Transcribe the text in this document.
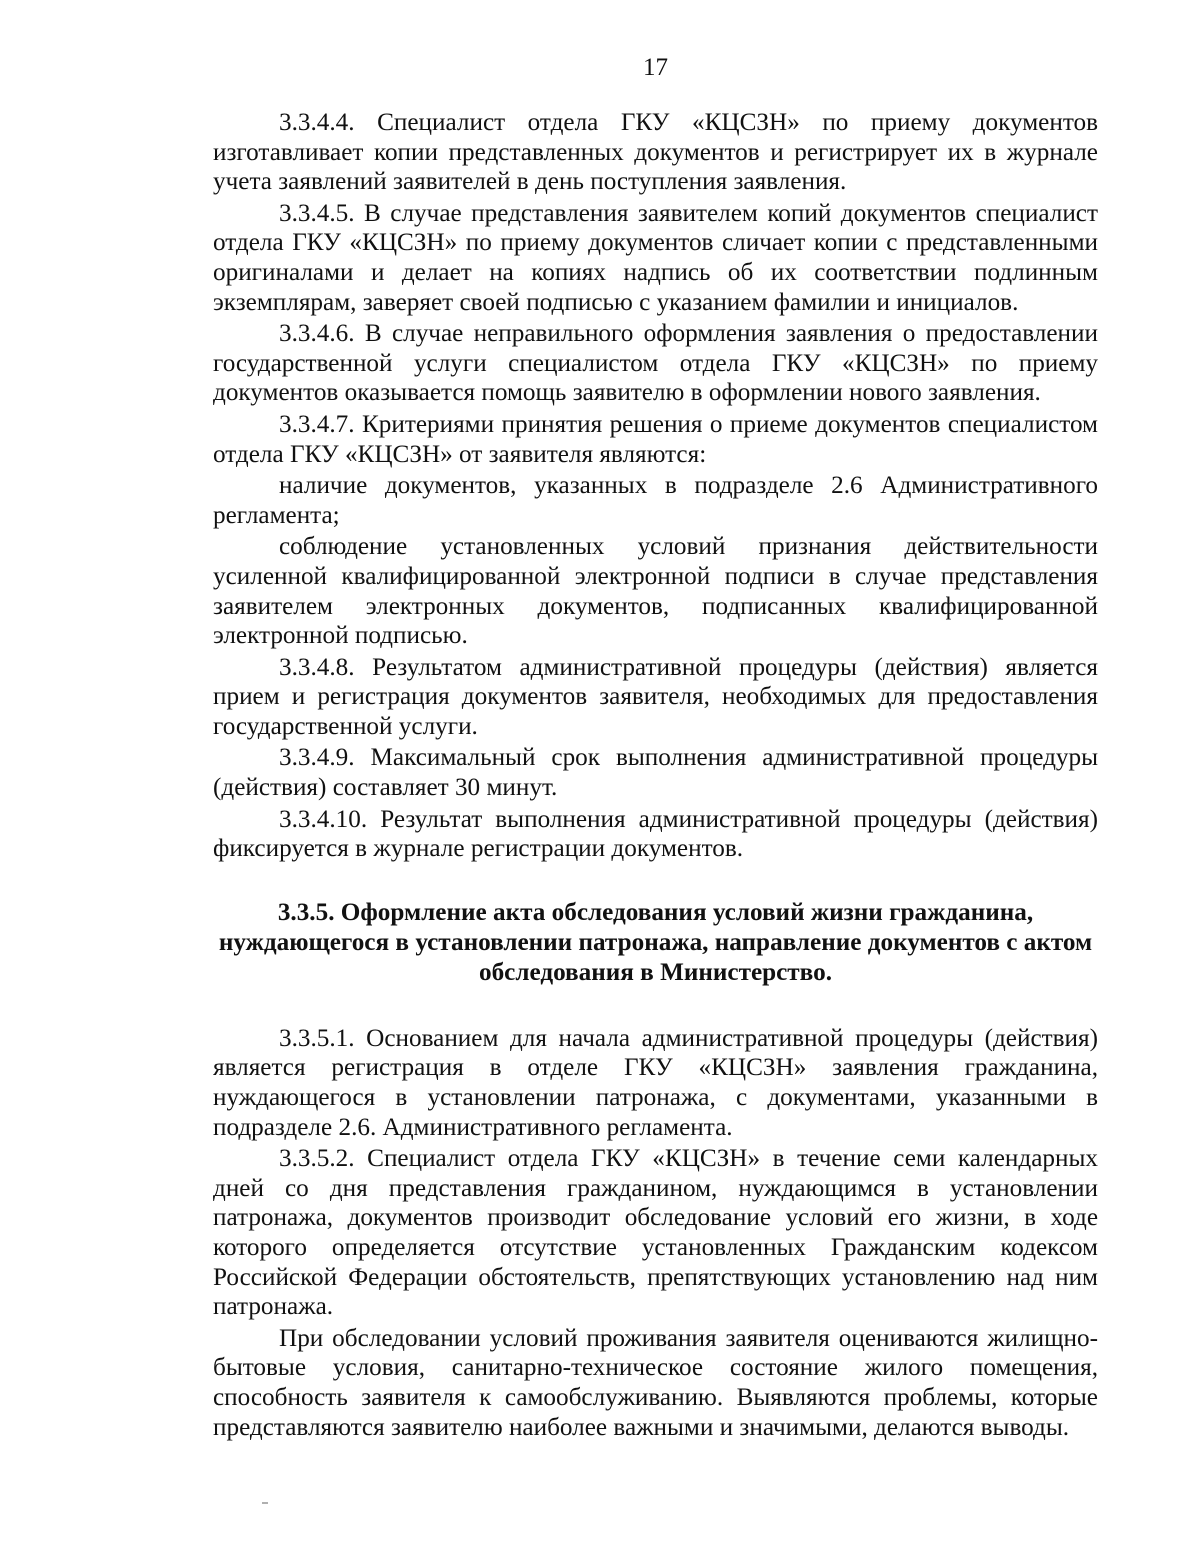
17

3.3.4.4. Специалист отдела ГКУ «КЦСЗН» по приему документов изготавливает копии представленных документов и регистрирует их в журнале учета заявлений заявителей в день поступления заявления.

3.3.4.5. В случае представления заявителем копий документов специалист отдела ГКУ «КЦСЗН» по приему документов сличает копии с представленными оригиналами и делает на копиях надпись об их соответствии подлинным экземплярам, заверяет своей подписью с указанием фамилии и инициалов.

3.3.4.6. В случае неправильного оформления заявления о предоставлении государственной услуги специалистом отдела ГКУ «КЦСЗН» по приему документов оказывается помощь заявителю в оформлении нового заявления.

3.3.4.7. Критериями принятия решения о приеме документов специалистом отдела ГКУ «КЦСЗН» от заявителя являются:

наличие документов, указанных в подразделе 2.6 Административного регламента;

соблюдение установленных условий признания действительности усиленной квалифицированной электронной подписи в случае представления заявителем электронных документов, подписанных квалифицированной электронной подписью.

3.3.4.8. Результатом административной процедуры (действия) является прием и регистрация документов заявителя, необходимых для предоставления государственной услуги.

3.3.4.9. Максимальный срок выполнения административной процедуры (действия) составляет 30 минут.

3.3.4.10. Результат выполнения административной процедуры (действия) фиксируется в журнале регистрации документов.

3.3.5. Оформление акта обследования условий жизни гражданина, нуждающегося в установлении патронажа, направление документов с актом обследования в Министерство.

3.3.5.1. Основанием для начала административной процедуры (действия) является регистрация в отделе ГКУ «КЦСЗН» заявления гражданина, нуждающегося в установлении патронажа, с документами, указанными в подразделе 2.6. Административного регламента.

3.3.5.2. Специалист отдела ГКУ «КЦСЗН» в течение семи календарных дней со дня представления гражданином, нуждающимся в установлении патронажа, документов производит обследование условий его жизни, в ходе которого определяется отсутствие установленных Гражданским кодексом Российской Федерации обстоятельств, препятствующих установлению над ним патронажа.

При обследовании условий проживания заявителя оцениваются жилищно-бытовые условия, санитарно-техническое состояние жилого помещения, способность заявителя к самообслуживанию. Выявляются проблемы, которые представляются заявителю наиболее важными и значимыми, делаются выводы.
